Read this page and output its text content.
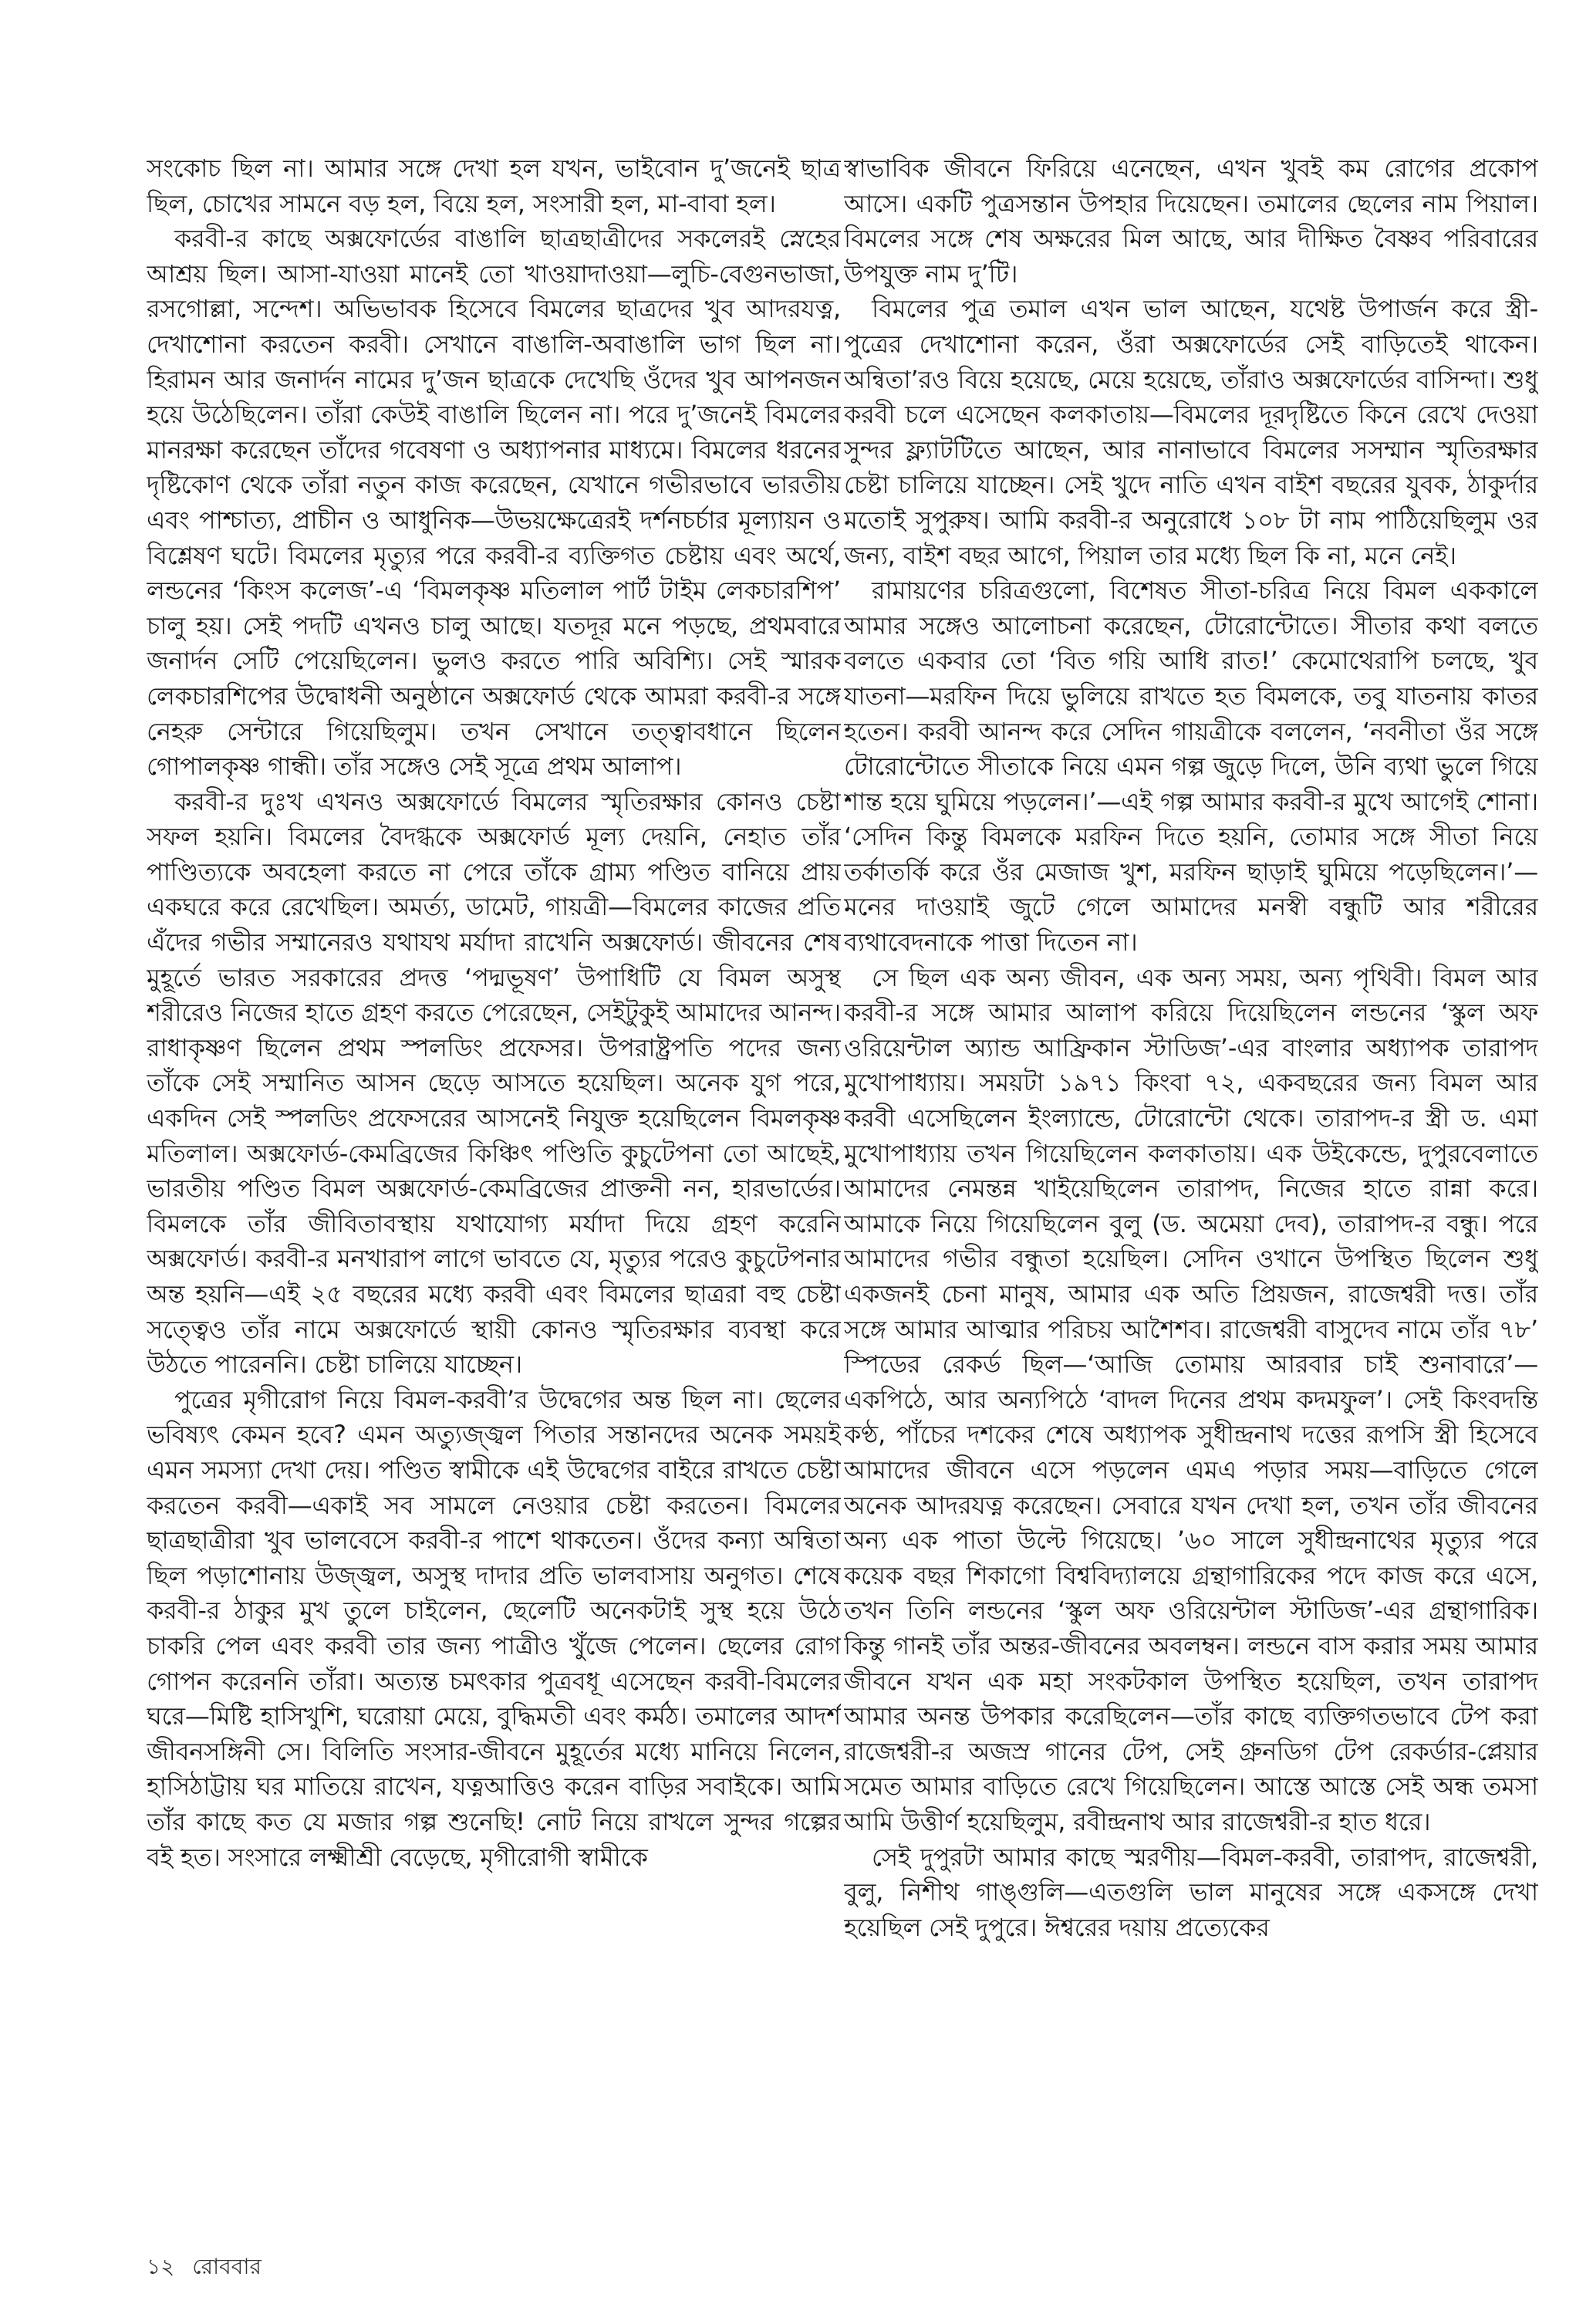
সংকোচ ছিল না। আমার সঙ্গে দেখা হল যখন, ভাইবোন দু’জনেই ছাত্র ছিল, চোখের সামনে বড় হল, বিয়ে হল, সংসারী হল, মা-বাবা হল।

করবী-র কাছে অক্সফোর্ডের বাঙালি ছাত্রছাত্রীদের সকলেরই স্নেহের আশ্রয় ছিল। আসা-যাওয়া মানেই তো খাওয়াদাওয়া—লুচি-বেগুনভাজা, রসগোল্লা, সন্দেশ। অভিভাবক হিসেবে বিমলের ছাত্রদের খুব আদরযত্ন, দেখাশোনা করতেন করবী। সেখানে বাঙালি-অবাঙালি ভাগ ছিল না। হিরামন আর জনার্দন নামের দু’জন ছাত্রকে দেখেছি ওঁদের খুব আপনজন হয়ে উঠেছিলেন। তাঁরা কেউই বাঙালি ছিলেন না। পরে দু’জনেই বিমলের মানরক্ষা করেছেন তাঁদের গবেষণা ও অধ্যাপনার মাধ্যমে। বিমলের ধরনের দৃষ্টিকোণ থেকে তাঁরা নতুন কাজ করেছেন, যেখানে গভীরভাবে ভারতীয় এবং পাশ্চাত্য, প্রাচীন ও আধুনিক—উভয়ক্ষেত্রেরই দর্শনচর্চার মূল্যায়ন ও বিশ্লেষণ ঘটে। বিমলের মৃত্যুর পরে করবী-র ব্যক্তিগত চেষ্টায় এবং অর্থে, লন্ডনের ‘কিংস কলেজ’-এ ‘বিমলকৃষ্ণ মতিলাল পার্ট টাইম লেকচারশিপ’ চালু হয়। সেই পদটি এখনও চালু আছে। যতদূর মনে পড়ছে, প্রথমবারে জনার্দন সেটি পেয়েছিলেন। ভুলও করতে পারি অবিশ্যি। সেই স্মারক লেকচারশিপের উদ্বোধনী অনুষ্ঠানে অক্সফোর্ড থেকে আমরা করবী-র সঙ্গে নেহরু সেন্টারে গিয়েছিলুম। তখন সেখানে তত্ত্বাবধানে ছিলেন গোপালকৃষ্ণ গান্ধী। তাঁর সঙ্গেও সেই সূত্রে প্রথম আলাপ।

করবী-র দুঃখ এখনও অক্সফোর্ডে বিমলের স্মৃতিরক্ষার কোনও চেষ্টা সফল হয়নি। বিমলের বৈদগ্ধকে অক্সফোর্ড মূল্য দেয়নি, নেহাত তাঁর পাণ্ডিত্যকে অবহেলা করতে না পেরে তাঁকে গ্রাম্য পণ্ডিত বানিয়ে প্রায় একঘরে করে রেখেছিল। অমর্ত্য, ডামেট, গায়ত্রী—বিমলের কাজের প্রতি এঁদের গভীর সম্মানেরও যথাযথ মর্যাদা রাখেনি অক্সফোর্ড। জীবনের শেষ মুহূর্তে ভারত সরকারের প্রদত্ত ‘পদ্মভূষণ’ উপাধিটি যে বিমল অসুস্থ শরীরেও নিজের হাতে গ্রহণ করতে পেরেছেন, সেইটুকুই আমাদের আনন্দ। রাধাকৃষ্ণণ ছিলেন প্রথম স্পলডিং প্রফেসর। উপরাষ্ট্রপতি পদের জন্য তাঁকে সেই সম্মানিত আসন ছেড়ে আসতে হয়েছিল। অনেক যুগ পরে, একদিন সেই স্পলডিং প্রফেসরের আসনেই নিযুক্ত হয়েছিলেন বিমলকৃষ্ণ মতিলাল। অক্সফোর্ড-কেমব্রিজের কিঞ্চিৎ পণ্ডিতি কুচুটেপনা তো আছেই, ভারতীয় পণ্ডিত বিমল অক্সফোর্ড-কেমব্রিজের প্রাক্তনী নন, হারভার্ডের। বিমলকে তাঁর জীবিতাবস্থায় যথাযোগ্য মর্যাদা দিয়ে গ্রহণ করেনি অক্সফোর্ড। করবী-র মনখারাপ লাগে ভাবতে যে, মৃত্যুর পরেও কুচুটেপনার অন্ত হয়নি—এই ২৫ বছরের মধ্যে করবী এবং বিমলের ছাত্ররা বহু চেষ্টা সত্ত্বেও তাঁর নামে অক্সফোর্ডে স্থায়ী কোনও স্মৃতিরক্ষার ব্যবস্থা করে উঠতে পারেননি। চেষ্টা চালিয়ে যাচ্ছেন।

পুত্রের মৃগীরোগ নিয়ে বিমল-করবী’র উদ্বেগের অন্ত ছিল না। ছেলের ভবিষ্যৎ কেমন হবে? এমন অত্যুজ্জ্বল পিতার সন্তানদের অনেক সময়ই এমন সমস্যা দেখা দেয়। পণ্ডিত স্বামীকে এই উদ্বেগের বাইরে রাখতে চেষ্টা করতেন করবী—একাই সব সামলে নেওয়ার চেষ্টা করতেন। বিমলের ছাত্রছাত্রীরা খুব ভালবেসে করবী-র পাশে থাকতেন। ওঁদের কন্যা অন্বিতা ছিল পড়াশোনায় উজ্জ্বল, অসুস্থ দাদার প্রতি ভালবাসায় অনুগত। শেষে করবী-র ঠাকুর মুখ তুলে চাইলেন, ছেলেটি অনেকটাই সুস্থ হয়ে উঠে চাকরি পেল এবং করবী তার জন্য পাত্রীও খুঁজে পেলেন। ছেলের রোগ গোপন করেননি তাঁরা। অত্যন্ত চমৎকার পুত্রবধূ এসেছেন করবী-বিমলের ঘরে—মিষ্টি হাসিখুশি, ঘরোয়া মেয়ে, বুদ্ধিমতী এবং কর্মঠ। তমালের আদর্শ জীবনসঙ্গিনী সে। বিলিতি সংসার-জীবনে মুহূর্তের মধ্যে মানিয়ে নিলেন, হাসিঠাট্টায় ঘর মাতিয়ে রাখেন, যত্নআত্তিও করেন বাড়ির সবাইকে। আমি তাঁর কাছে কত যে মজার গল্প শুনেছি! নোট নিয়ে রাখলে সুন্দর গল্পের বই হত। সংসারে লক্ষ্মীশ্রী বেড়েছে, মৃগীরোগী স্বামীকে

স্বাভাবিক জীবনে ফিরিয়ে এনেছেন, এখন খুবই কম রোগের প্রকোপ আসে। একটি পুত্রসন্তান উপহার দিয়েছেন। তমালের ছেলের নাম পিয়াল। বিমলের সঙ্গে শেষ অক্ষরের মিল আছে, আর দীক্ষিত বৈষ্ণব পরিবারের উপযুক্ত নাম দু’টি।

বিমলের পুত্র তমাল এখন ভাল আছেন, যথেষ্ট উপার্জন করে স্ত্রী-পুত্রের দেখাশোনা করেন, ওঁরা অক্সফোর্ডের সেই বাড়িতেই থাকেন। অন্বিতা’রও বিয়ে হয়েছে, মেয়ে হয়েছে, তাঁরাও অক্সফোর্ডের বাসিন্দা। শুধু করবী চলে এসেছেন কলকাতায়—বিমলের দূরদৃষ্টিতে কিনে রেখে দেওয়া সুন্দর ফ্ল্যাটটিতে আছেন, আর নানাভাবে বিমলের সসম্মান স্মৃতিরক্ষার চেষ্টা চালিয়ে যাচ্ছেন। সেই খুদে নাতি এখন বাইশ বছরের যুবক, ঠাকুর্দার মতোই সুপুরুষ। আমি করবী-র অনুরোধে ১০৮ টা নাম পাঠিয়েছিলুম ওর জন্য, বাইশ বছর আগে, পিয়াল তার মধ্যে ছিল কি না, মনে নেই।

রামায়ণের চরিত্রগুলো, বিশেষত সীতা-চরিত্র নিয়ে বিমল এককালে আমার সঙ্গেও আলোচনা করেছেন, টোরোন্টোতে। সীতার কথা বলতে বলতে একবার তো ‘বিত গয়ি আধি রাত!’ কেমোথেরাপি চলছে, খুব যাতনা—মরফিন দিয়ে ভুলিয়ে রাখতে হত বিমলকে, তবু যাতনায় কাতর হতেন। করবী আনন্দ করে সেদিন গায়ত্রীকে বললেন, ‘নবনীতা ওঁর সঙ্গে টোরোন্টোতে সীতাকে নিয়ে এমন গল্প জুড়ে দিলে, উনি ব্যথা ভুলে গিয়ে শান্ত হয়ে ঘুমিয়ে পড়লেন।’—এই গল্প আমার করবী-র মুখে আগেই শোনা। ‘সেদিন কিন্তু বিমলকে মরফিন দিতে হয়নি, তোমার সঙ্গে সীতা নিয়ে তর্কাতর্কি করে ওঁর মেজাজ খুশ, মরফিন ছাড়াই ঘুমিয়ে পড়েছিলেন।’—মনের দাওয়াই জুটে গেলে আমাদের মনস্বী বন্ধুটি আর শরীরের ব্যথাবেদনাকে পাত্তা দিতেন না।

সে ছিল এক অন্য জীবন, এক অন্য সময়, অন্য পৃথিবী। বিমল আর করবী-র সঙ্গে আমার আলাপ করিয়ে দিয়েছিলেন লন্ডনের ‘স্কুল অফ ওরিয়েন্টাল অ্যান্ড আফ্রিকান স্টাডিজ’-এর বাংলার অধ্যাপক তারাপদ মুখোপাধ্যায়। সময়টা ১৯৭১ কিংবা ৭২, একবছরের জন্য বিমল আর করবী এসেছিলেন ইংল্যান্ডে, টোরোন্টো থেকে। তারাপদ-র স্ত্রী ড. এমা মুখোপাধ্যায় তখন গিয়েছিলেন কলকাতায়। এক উইকেন্ডে, দুপুরবেলাতে আমাদের নেমন্তন্ন খাইয়েছিলেন তারাপদ, নিজের হাতে রান্না করে। আমাকে নিয়ে গিয়েছিলেন বুলু (ড. অমেয়া দেব), তারাপদ-র বন্ধু। পরে আমাদের গভীর বন্ধুতা হয়েছিল। সেদিন ওখানে উপস্থিত ছিলেন শুধু একজনই চেনা মানুষ, আমার এক অতি প্রিয়জন, রাজেশ্বরী দত্ত। তাঁর সঙ্গে আমার আত্মার পরিচয় আশৈশব। রাজেশ্বরী বাসুদেব নামে তাঁর ৭৮’ স্পিডের রেকর্ড ছিল—‘আজি তোমায় আরবার চাই শুনাবারে’—একপিঠে, আর অন্যপিঠে ‘বাদল দিনের প্রথম কদমফুল’। সেই কিংবদন্তি কণ্ঠ, পাঁচের দশকের শেষে অধ্যাপক সুধীন্দ্রনাথ দত্তের রূপসি স্ত্রী হিসেবে আমাদের জীবনে এসে পড়লেন এমএ পড়ার সময়—বাড়িতে গেলে অনেক আদরযত্ন করেছেন। সেবারে যখন দেখা হল, তখন তাঁর জীবনের অন্য এক পাতা উল্টে গিয়েছে। ’৬০ সালে সুধীন্দ্রনাথের মৃত্যুর পরে কয়েক বছর শিকাগো বিশ্ববিদ্যালয়ে গ্রন্থাগারিকের পদে কাজ করে এসে, তখন তিনি লন্ডনের ‘স্কুল অফ ওরিয়েন্টাল স্টাডিজ’-এর গ্রন্থাগারিক। কিন্তু গানই তাঁর অন্তর-জীবনের অবলম্বন। লন্ডনে বাস করার সময় আমার জীবনে যখন এক মহা সংকটকাল উপস্থিত হয়েছিল, তখন তারাপদ আমার অনন্ত উপকার করেছিলেন—তাঁর কাছে ব্যক্তিগতভাবে টেপ করা রাজেশ্বরী-র অজস্র গানের টেপ, সেই গ্রুনডিগ টেপ রেকর্ডার-প্লেয়ার সমেত আমার বাড়িতে রেখে গিয়েছিলেন। আস্তে আস্তে সেই অন্ধ তমসা আমি উত্তীর্ণ হয়েছিলুম, রবীন্দ্রনাথ আর রাজেশ্বরী-র হাত ধরে।

সেই দুপুরটা আমার কাছে স্মরণীয়—বিমল-করবী, তারাপদ, রাজেশ্বরী, বুলু, নিশীথ গাঙ্গুলি—এতগুলি ভাল মানুষের সঙ্গে একসঙ্গে দেখা হয়েছিল সেই দুপুরে। ঈশ্বরের দয়ায় প্রত্যেকের

১২ রোববার
